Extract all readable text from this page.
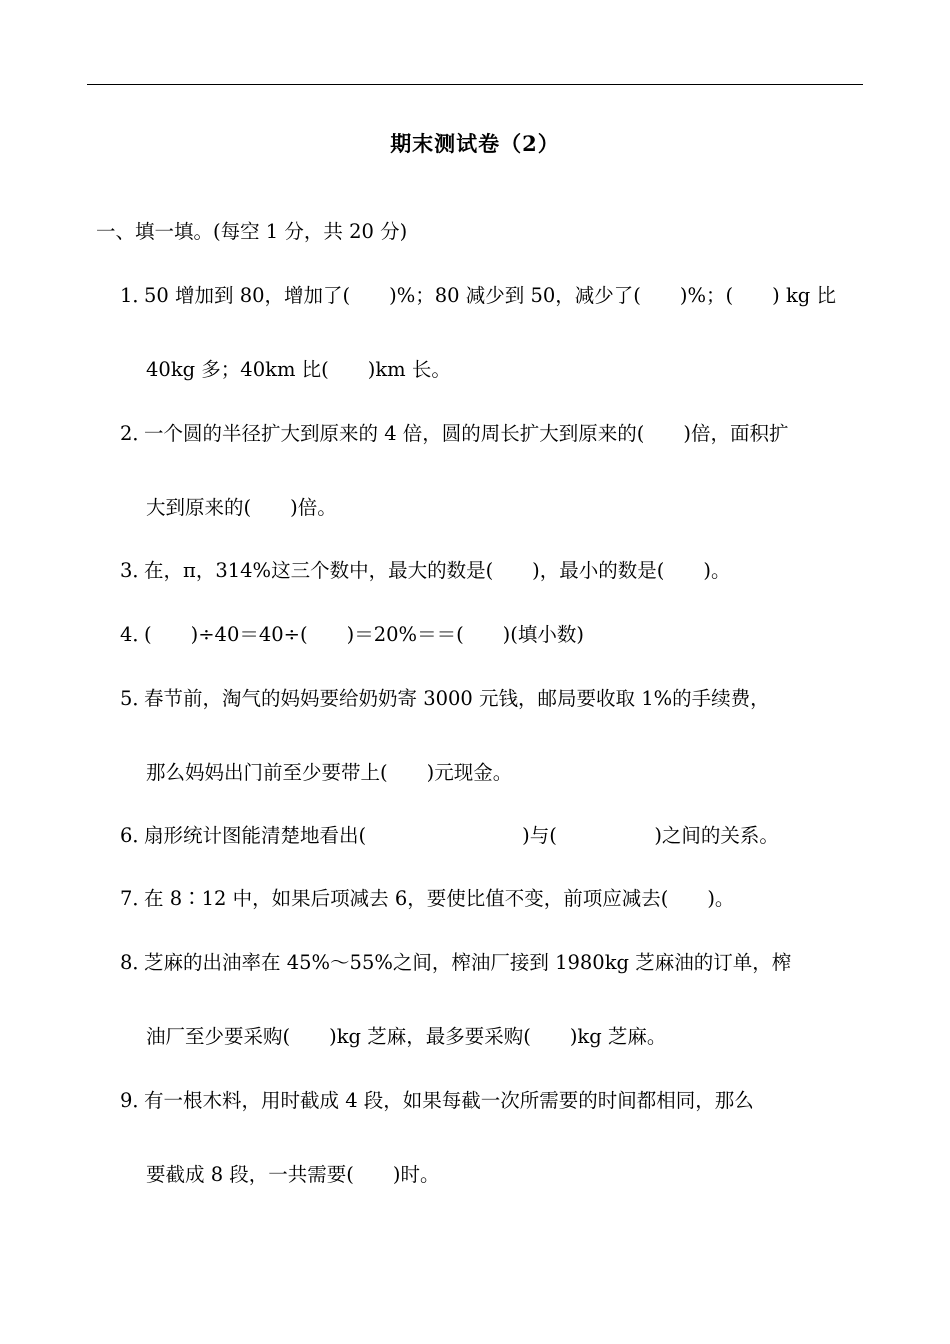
期末测试卷（2）
一、填一填。(每空 1 分，共 20 分)
1．50 增加到 80，增加了(　　)%；80 减少到 50，减少了(　　)%；(　　) kg 比
40kg 多；40km 比(　　)km 长。
2．一个圆的半径扩大到原来的 4 倍，圆的周长扩大到原来的(　　)倍，面积扩
大到原来的(　　)倍。
3．在，π，314%这三个数中，最大的数是(　　)，最小的数是(　　)。
4．(　　)÷40＝40÷(　　)＝20%＝＝(　　)(填小数)
5．春节前，淘气的妈妈要给奶奶寄 3000 元钱，邮局要收取 1%的手续费，
那么妈妈出门前至少要带上(　　)元现金。
6．扇形统计图能清楚地看出(　　　　　　　　)与(　　　　　)之间的关系。
7．在 8∶12 中，如果后项减去 6，要使比值不变，前项应减去(　　)。
8．芝麻的出油率在 45%～55%之间，榨油厂接到 1980kg 芝麻油的订单，榨
油厂至少要采购(　　)kg 芝麻，最多要采购(　　)kg 芝麻。
9．有一根木料，用时截成 4 段，如果每截一次所需要的时间都相同，那么
要截成 8 段，一共需要(　　)时。
